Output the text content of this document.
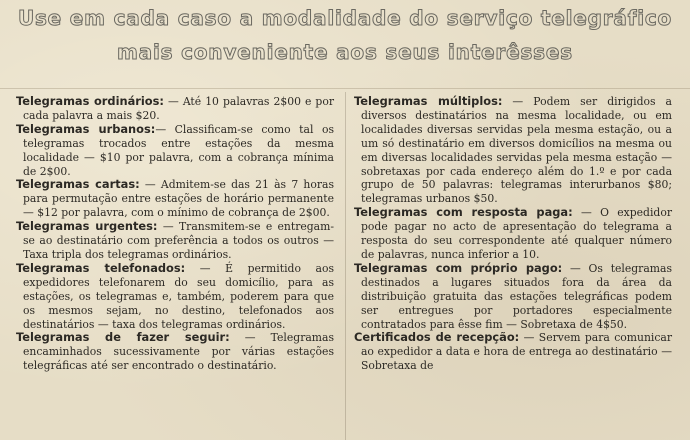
Use em cada caso a modalidade do serviço telegráfico
mais conveniente aos seus interêsses

Telegramas ordinários: — Até 10 palavras 2$00 e por cada palavra a mais $20.

Telegramas urbanos:— Classificam-se como tal os telegramas trocados entre estações da mesma localidade — $10 por palavra, com a cobrança mínima de 2$00.

Telegramas cartas: — Admitem-se das 21 às 7 horas para permutação entre estações de horário permanente — $12 por palavra, com o mínimo de cobrança de 2$00.

Telegramas urgentes: — Transmitem-se e entregam-se ao destinatário com preferência a todos os outros — Taxa tripla dos telegramas ordinários.

Telegramas telefonados: — É permitido aos expedidores telefonarem do seu domicílio, para as estações, os telegramas e, também, poderem para que os mesmos sejam, no destino, telefonados aos destinatários — taxa dos telegramas ordinários.

Telegramas de fazer seguir: — Telegramas encaminhados sucessivamente por várias estações telegráficas até ser encontrado o destinatário.

Telegramas múltiplos: — Podem ser dirigidos a diversos destinatários na mesma localidade, ou em localidades diversas servidas pela mesma estação, ou a um só destinatário em diversos domicílios na mesma ou em diversas localidades servidas pela mesma estação — sobretaxas por cada endereço além do 1.º e por cada grupo de 50 palavras: telegramas interurbanos $80; telegramas urbanos $50.

Telegramas com resposta paga: — O expedidor pode pagar no acto de apresentação do telegrama a resposta do seu correspondente até qualquer número de palavras, nunca inferior a 10.

Telegramas com próprio pago: — Os telegramas destinados a lugares situados fora da área da distribuição gratuita das estações telegráficas podem ser entregues por portadores especialmente contratados para êsse fim — Sobretaxa de 4$50.

Certificados de recepção: — Servem para comunicar ao expedidor a data e hora de entrega ao destinatário — Sobretaxa de
